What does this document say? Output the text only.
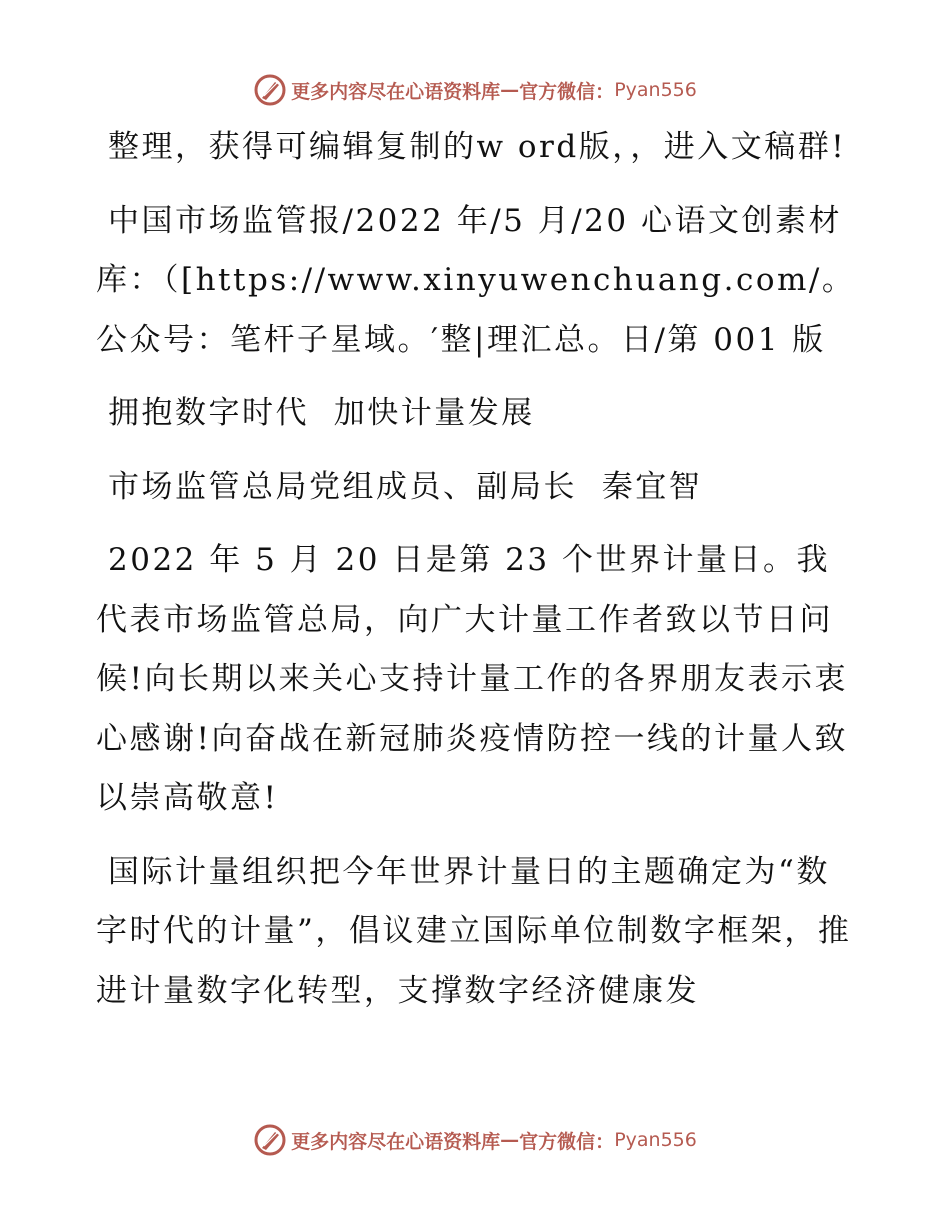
更多内容尽在心语资料库 — 官方微信： Pyan556

整理，获得可编辑复制的w ord版，，进入文稿群!

中国市场监管报/2022 年/5 月/20 心语文创素材库：（[https://www.xinyuwenchuang.com/。公众号：笔杆子星域。′整|理汇总。日/第 001 版

拥抱数字时代  加快计量发展

市场监管总局党组成员、副局长  秦宜智

2022 年 5 月 20 日是第 23 个世界计量日。我代表市场监管总局，向广大计量工作者致以节日问候!向长期以来关心支持计量工作的各界朋友表示衷心感谢!向奋战在新冠肺炎疫情防控一线的计量人致以崇高敬意!

国际计量组织把今年世界计量日的主题确定为“数字时代的计量”，倡议建立国际单位制数字框架，推进计量数字化转型，支撑数字经济健康发

更多内容尽在心语资料库 — 官方微信： Pyan556
